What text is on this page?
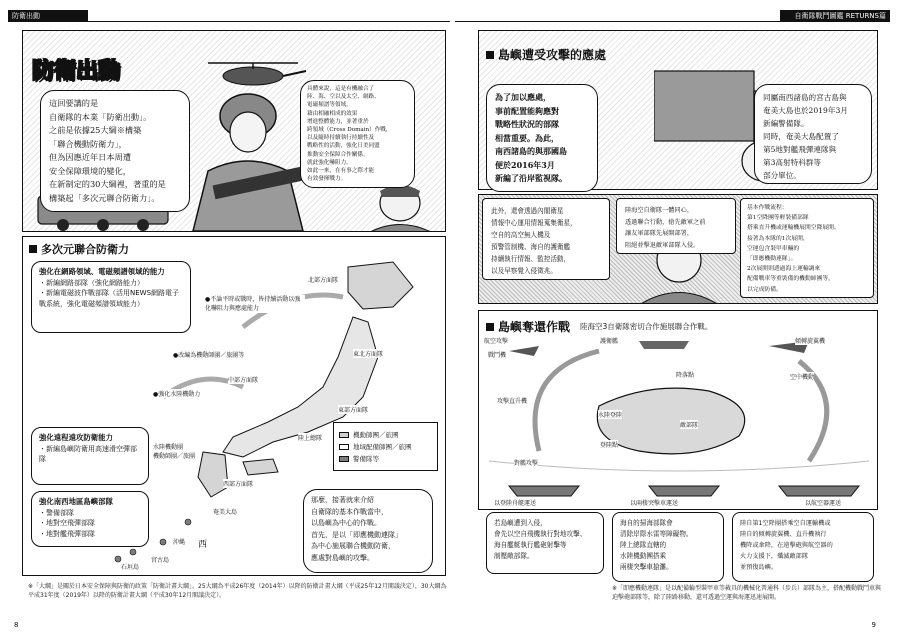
防衛出動	自衛隊戰鬥圖鑑 RETURNS篇
防衛出動
這回要講的是
自衛隊的本業「防衛出動」。
之前是依據25大綱※構築
「聯合機動防衛力」，
但為因應近年日本周遭
安全保障環境的變化，
在新制定的30大綱裡，著重的是
構築起「多次元聯合防衛力」。
具體來說，這是有機融合了
陸、海、空以及太空、網路、
電磁頻譜等領域，
藉由相融相成的效果
增進整體能力，並著重於
跨領域（Cross Domain）作戰，
以及隨時持續執行持續性及
戰略性的活動，強化日美同盟
推動安全保障合作關係。
就此強化嚇阻力。
如此一來，在有事之際才能
有效發揮戰力。
多次元聯合防衛力
強化在網路領域、電磁頻譜領域的能力
・新編網路部隊（強化網路能力）
・新編電磁波作戰部隊（活用NEWS網路電子戰系統，強化電磁頻譜領域能力）	●不論平時或戰時，皆持續活動以強化嚇阻力與應處能力
●改編為機動師團／旅團等
●強化水陸機動力
北部方面隊
東北方面隊
東部方面隊
中部方面隊
西部方面隊
水陸機動團
機動師團／旅團
陸上總隊
奄美大島
沖縄
宮古島
石垣島
西
機動師團／旅團
地域配備師團／旅團
警備隊等
強化遠程遠攻防衛能力
・新編島嶼防衛用高速滑空彈部隊
強化南西地區島嶼部隊
・警備部隊
・地對空飛彈部隊
・地對艦飛彈部隊
那麼，接著就來介紹
自衛隊的基本作戰當中，
以島嶼為中心的作戰。
首先，是以「即應機動連隊」
為中心施展聯合機動防衛，
應處對島嶼的攻擊。
※「大綱」是關於日本安全保障與防衛的政策「防衛計畫大綱」。25大綱為平成26年度（2014年）以降的防衛計畫大綱（平成25年12月閣議決定），30大綱為平成31年度（2019年）以降的防衛計畫大綱（平成30年12月閣議決定）。
8
島嶼遭受攻擊的應處
為了加以應處，
事前配置能夠應對
戰略性狀況的部隊
相當重要。為此，
南西諸島的與那國島
便於2016年3月
新編了沿岸監視隊。
同屬南西諸島的宮古島與
奄美大島也於2019年3月
新編警備隊。
同時，奄美大島配置了
第5地對艦飛彈連隊與
第3高射特科群等
部分單位。
此外，還會透過內閣衛星
情報中心運用情報蒐集衛星，
空自的高空無人機及
預警管制機、海自的護衛艦
持續執行情報、監控活動，
以及早察覺入侵徵兆。
陸海空自衛隊一體同心，
透過聯合行動，搶先敵軍之前
讓友軍部隊先展開部署，
阻絕並擊退敵軍部隊入侵。
基本作戰流程：
第1空降團等輕裝備部隊
搭乘直升機或運輸機展開空降展開。
接著為本隊的1次展開，
空運包含裝甲車輛的
「即應機動連隊」。
2次展開則透過海上運輸調來
配備戰車等重裝備的機動師團等，
以完成防備。
島嶼奪還作戰 陸海空3自衛隊密切合作施展聯合作戰。
航空攻擊
戰鬥機
護衛艦	傾轉旋翼機
降落點	空中機動
攻擊直升機
水陸登陸
敵部隊
登陸點
對艦攻擊
以登陸舟艇運送	以兩棲突擊車運送	以航空器運送
若島嶼遭到入侵，
會先以空自飛機執行對地攻擊、
海自艦艇執行艦砲射擊等
制壓敵部隊。
海自的掃海部隊會
清除岸際水雷等障礙物。
陸上總隊直轄的
水陸機動團搭乘
兩棲突擊車搶灘。
陸自第1空降團搭乘空自運輸機或
陸自的傾轉旋翼機、直升機執行
機降或傘降，在遠擊砲與航空器的
火力支援下，殲滅敵部隊
並預復島嶼。
※「即應機動連隊」是以配備輪型裝甲車等載具的機械化普通科（步兵）部隊為主，搭配機動戰鬥車與迫擊砲部隊等，除了陸路移動，還可透過空運與海運迅速展開。
9
